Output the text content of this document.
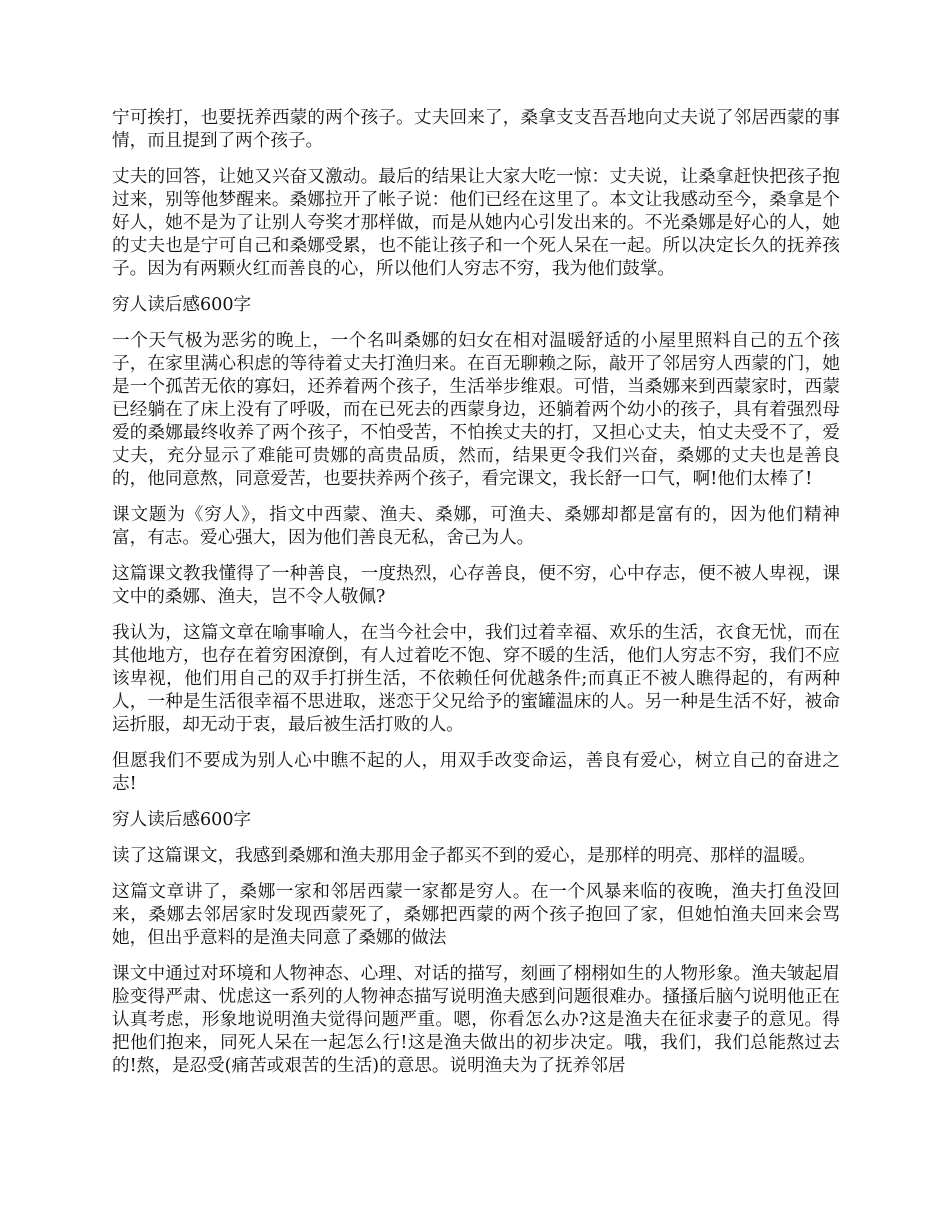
宁可挨打，也要抚养西蒙的两个孩子。丈夫回来了，桑拿支支吾吾地向丈夫说了邻居西蒙的事情，而且提到了两个孩子。

丈夫的回答，让她又兴奋又激动。最后的结果让大家大吃一惊：丈夫说，让桑拿赶快把孩子抱过来，别等他梦醒来。桑娜拉开了帐子说：他们已经在这里了。本文让我感动至今，桑拿是个好人，她不是为了让别人夸奖才那样做，而是从她内心引发出来的。不光桑娜是好心的人，她的丈夫也是宁可自己和桑娜受累，也不能让孩子和一个死人呆在一起。所以决定长久的抚养孩子。因为有两颗火红而善良的心，所以他们人穷志不穷，我为他们鼓掌。

穷人读后感600字

一个天气极为恶劣的晚上，一个名叫桑娜的妇女在相对温暖舒适的小屋里照料自己的五个孩子，在家里满心积虑的等待着丈夫打渔归来。在百无聊赖之际，敲开了邻居穷人西蒙的门，她是一个孤苦无依的寡妇，还养着两个孩子，生活举步维艰。可惜，当桑娜来到西蒙家时，西蒙已经躺在了床上没有了呼吸，而在已死去的西蒙身边，还躺着两个幼小的孩子，具有着强烈母爱的桑娜最终收养了两个孩子，不怕受苦，不怕挨丈夫的打，又担心丈夫，怕丈夫受不了，爱丈夫，充分显示了难能可贵娜的高贵品质，然而，结果更令我们兴奋，桑娜的丈夫也是善良的，他同意熬，同意爱苦，也要扶养两个孩子，看完课文，我长舒一口气，啊!他们太棒了!

课文题为《穷人》，指文中西蒙、渔夫、桑娜，可渔夫、桑娜却都是富有的，因为他们精神富，有志。爱心强大，因为他们善良无私，舍己为人。

这篇课文教我懂得了一种善良，一度热烈，心存善良，便不穷，心中存志，便不被人卑视，课文中的桑娜、渔夫，岂不令人敬佩?

我认为，这篇文章在喻事喻人，在当今社会中，我们过着幸福、欢乐的生活，衣食无忧，而在其他地方，也存在着穷困潦倒，有人过着吃不饱、穿不暖的生活，他们人穷志不穷，我们不应该卑视，他们用自己的双手打拼生活，不依赖任何优越条件;而真正不被人瞧得起的，有两种人，一种是生活很幸福不思进取，迷恋于父兄给予的蜜罐温床的人。另一种是生活不好，被命运折服，却无动于衷，最后被生活打败的人。

但愿我们不要成为别人心中瞧不起的人，用双手改变命运，善良有爱心，树立自己的奋进之志!

穷人读后感600字

读了这篇课文，我感到桑娜和渔夫那用金子都买不到的爱心，是那样的明亮、那样的温暖。

这篇文章讲了，桑娜一家和邻居西蒙一家都是穷人。在一个风暴来临的夜晚，渔夫打鱼没回来，桑娜去邻居家时发现西蒙死了，桑娜把西蒙的两个孩子抱回了家，但她怕渔夫回来会骂她，但出乎意料的是渔夫同意了桑娜的做法

课文中通过对环境和人物神态、心理、对话的描写，刻画了栩栩如生的人物形象。渔夫皱起眉脸变得严肃、忧虑这一系列的人物神态描写说明渔夫感到问题很难办。搔搔后脑勺说明他正在认真考虑，形象地说明渔夫觉得问题严重。嗯，你看怎么办?这是渔夫在征求妻子的意见。得把他们抱来，同死人呆在一起怎么行!这是渔夫做出的初步决定。哦，我们，我们总能熬过去的!熬，是忍受(痛苦或艰苦的生活)的意思。说明渔夫为了抚养邻居
